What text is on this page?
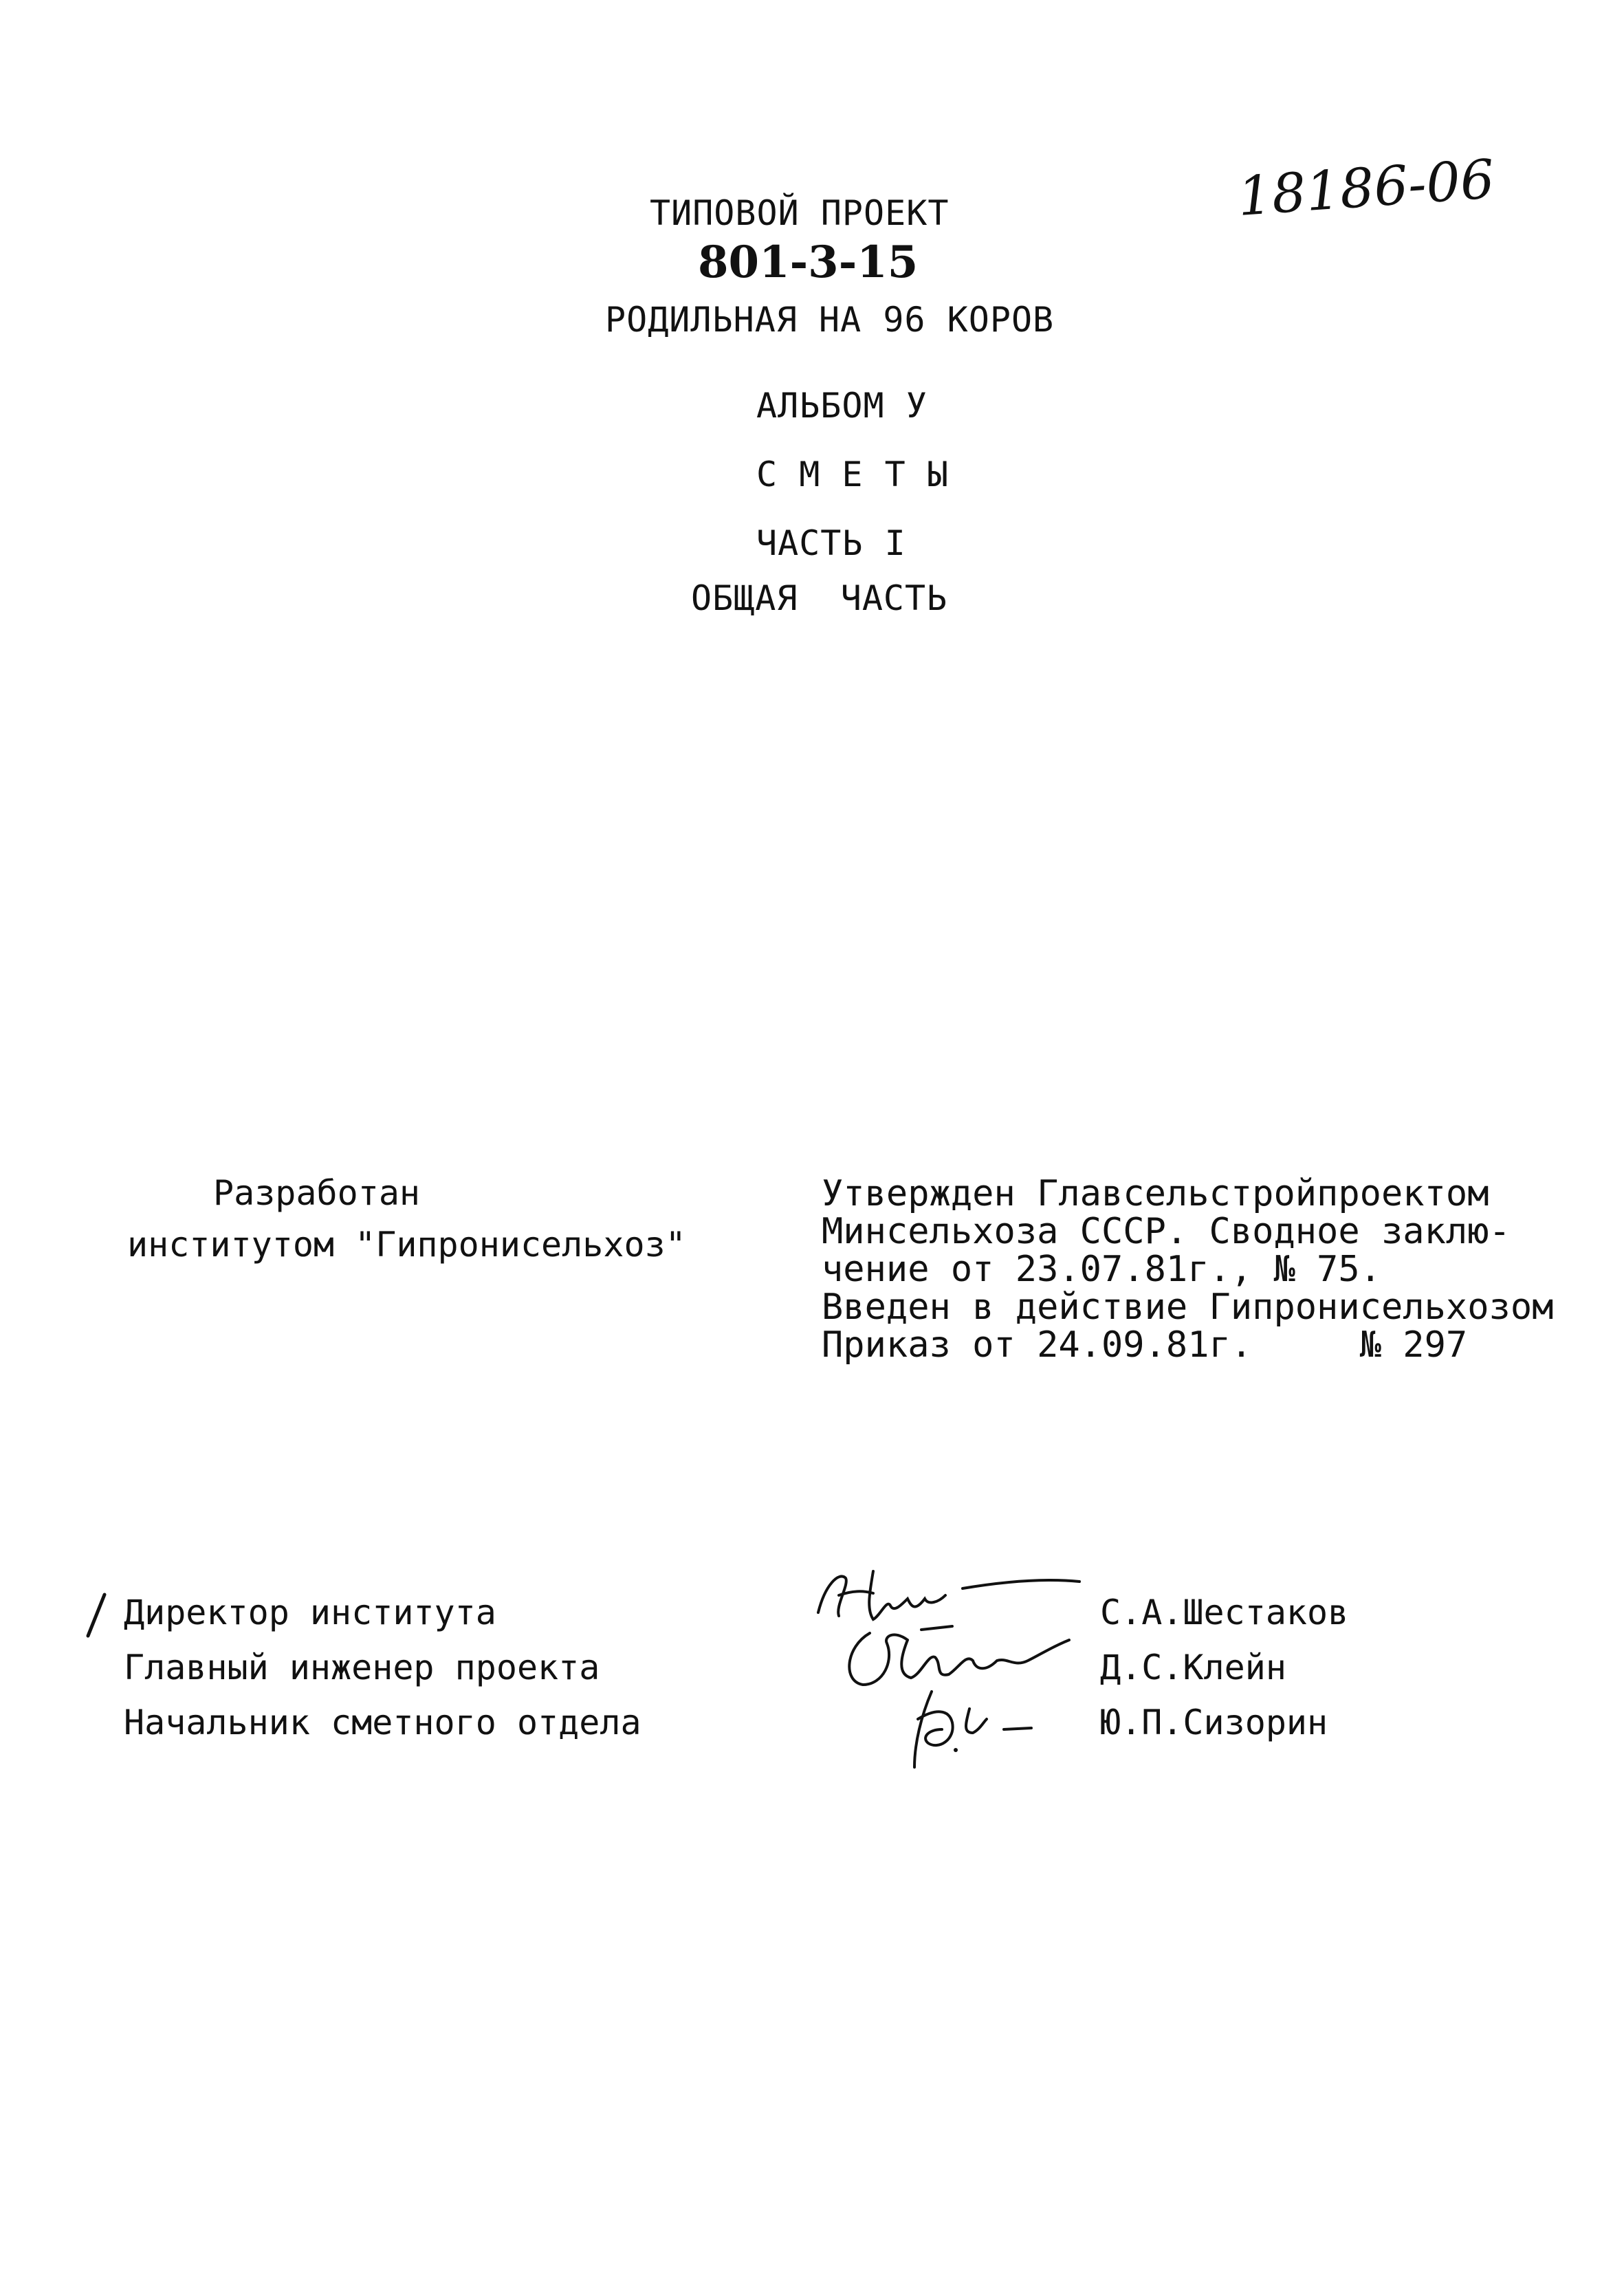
18186-06
ТИПОВОЙ ПРОЕКТ
801-3-15
РОДИЛЬНАЯ НА 96 КОРОВ
АЛЬБОМ У
С М Е Т Ы
ЧАСТЬ I
ОБЩАЯ  ЧАСТЬ
Разработан
институтом "Гипронисельхоз"
Утвержден Главсельстройпроектом
Минсельхоза СССР. Сводное заклю-
чение от 23.07.81г., № 75.
Введен в действие Гипронисельхозом
Приказ от 24.09.81г.     № 297
Директор института
Главный инженер проекта
Начальник сметного отдела
С.А.Шестаков
Д.С.Клейн
Ю.П.Сизорин
